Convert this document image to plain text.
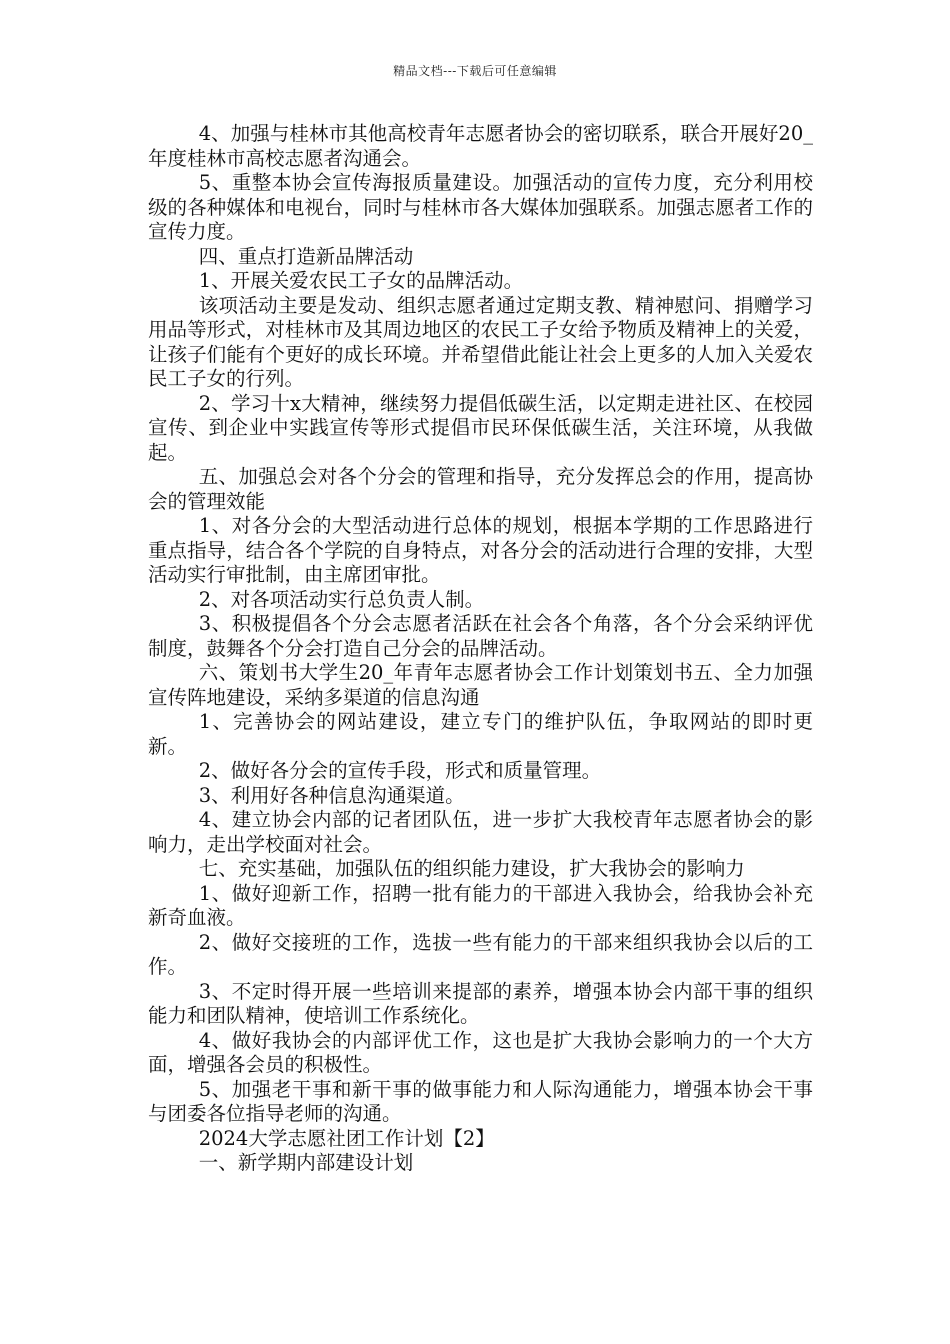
精品文档---下载后可任意编辑

4、加强与桂林市其他高校青年志愿者协会的密切联系，联合开展好20_年度桂林市高校志愿者沟通会。

5、重整本协会宣传海报质量建设。加强活动的宣传力度，充分利用校级的各种媒体和电视台，同时与桂林市各大媒体加强联系。加强志愿者工作的宣传力度。

四、重点打造新品牌活动

1、开展关爱农民工子女的品牌活动。

该项活动主要是发动、组织志愿者通过定期支教、精神慰问、捐赠学习用品等形式，对桂林市及其周边地区的农民工子女给予物质及精神上的关爱，让孩子们能有个更好的成长环境。并希望借此能让社会上更多的人加入关爱农民工子女的行列。

2、学习十x大精神，继续努力提倡低碳生活，以定期走进社区、在校园宣传、到企业中实践宣传等形式提倡市民环保低碳生活，关注环境，从我做起。

五、加强总会对各个分会的管理和指导，充分发挥总会的作用，提高协会的管理效能

1、对各分会的大型活动进行总体的规划，根据本学期的工作思路进行重点指导，结合各个学院的自身特点，对各分会的活动进行合理的安排，大型活动实行审批制，由主席团审批。

2、对各项活动实行总负责人制。

3、积极提倡各个分会志愿者活跃在社会各个角落，各个分会采纳评优制度，鼓舞各个分会打造自己分会的品牌活动。

六、策划书大学生20_年青年志愿者协会工作计划策划书五、全力加强宣传阵地建设，采纳多渠道的信息沟通

1、完善协会的网站建设，建立专门的维护队伍，争取网站的即时更新。

2、做好各分会的宣传手段，形式和质量管理。

3、利用好各种信息沟通渠道。

4、建立协会内部的记者团队伍，进一步扩大我校青年志愿者协会的影响力，走出学校面对社会。

七、充实基础，加强队伍的组织能力建设，扩大我协会的影响力

1、做好迎新工作，招聘一批有能力的干部进入我协会，给我协会补充新奇血液。

2、做好交接班的工作，选拔一些有能力的干部来组织我协会以后的工作。

3、不定时得开展一些培训来提部的素养，增强本协会内部干事的组织能力和团队精神，使培训工作系统化。

4、做好我协会的内部评优工作，这也是扩大我协会影响力的一个大方面，增强各会员的积极性。

5、加强老干事和新干事的做事能力和人际沟通能力，增强本协会干事与团委各位指导老师的沟通。

2024大学志愿社团工作计划【2】

一、新学期内部建设计划
